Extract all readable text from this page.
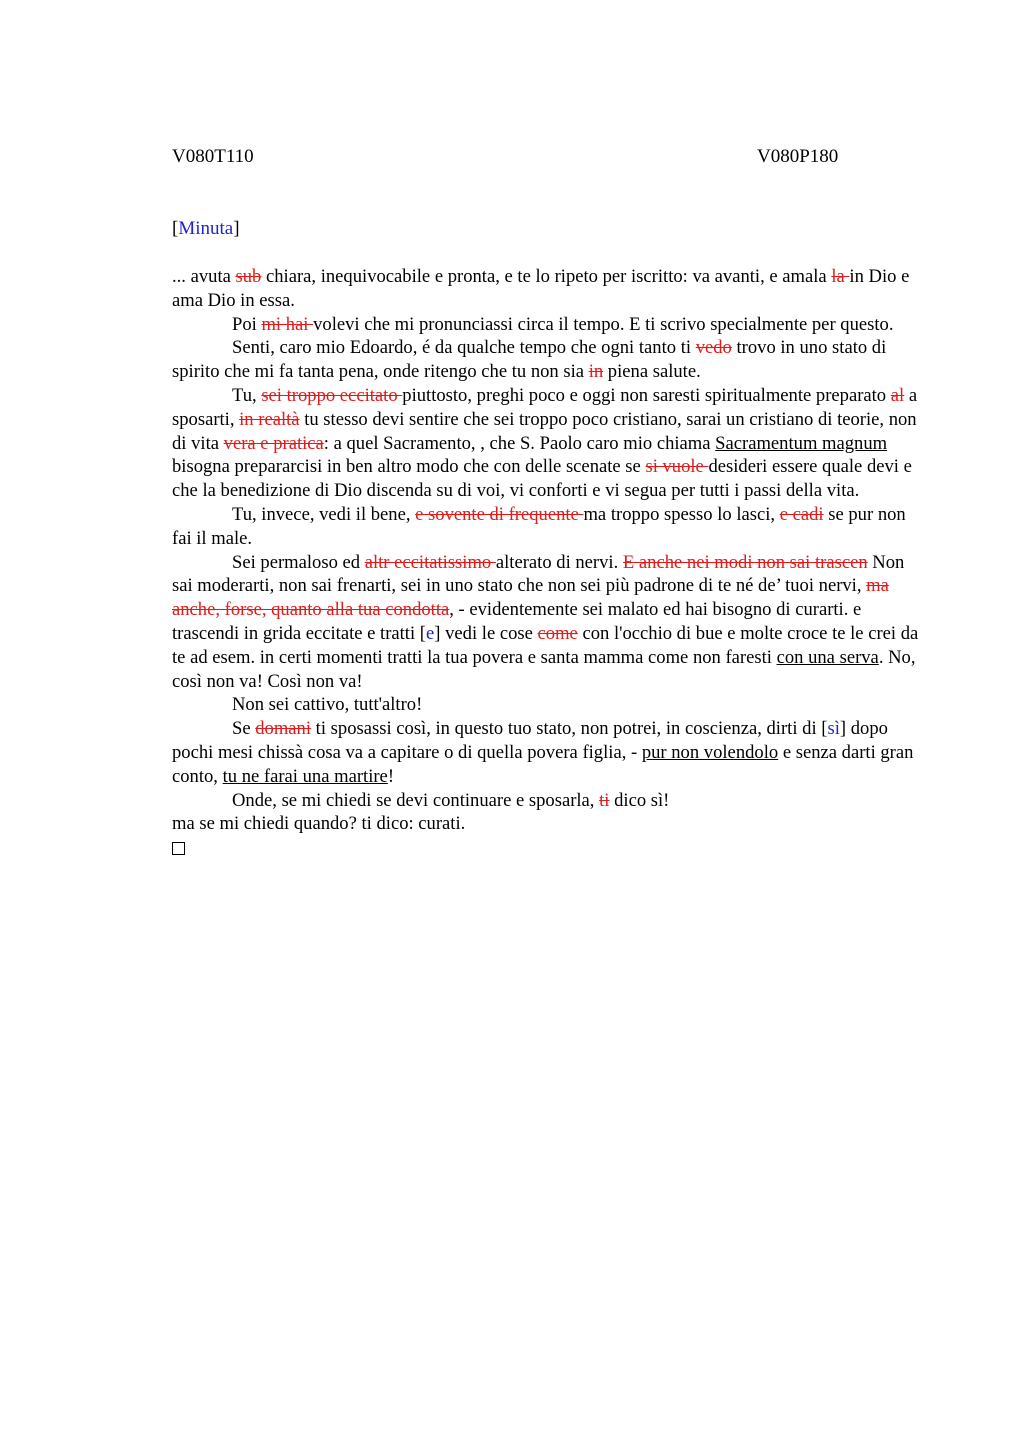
V080T110	V080P180
[Minuta]

... avuta sub chiara, inequivocabile e pronta, e te lo ripeto per iscritto: va avanti, e amala la in Dio e ama Dio in essa.

Poi mi hai volevi che mi pronunciassi circa il tempo. E ti scrivo specialmente per questo.

Senti, caro mio Edoardo, é da qualche tempo che ogni tanto ti vedo trovo in uno stato di spirito che mi fa tanta pena, onde ritengo che tu non sia in piena salute.

Tu, sei troppo eccitato piuttosto, preghi poco e oggi non saresti spiritualmente preparato al a sposarti, in realtà tu stesso devi sentire che sei troppo poco cristiano, sarai un cristiano di teorie, non di vita vera e pratica: a quel Sacramento, , che S. Paolo caro mio chiama Sacramentum magnum bisogna prepararcisi in ben altro modo che con delle scenate se si vuole desideri essere quale devi e che la benedizione di Dio discenda su di voi, vi conforti e vi segua per tutti i passi della vita.

Tu, invece, vedi il bene, e sovente di frequente ma troppo spesso lo lasci, e cadi se pur non fai il male.

Sei permaloso ed altr eccitatissimo alterato di nervi. E anche nei modi non sai trascen Non sai moderarti, non sai frenarti, sei in uno stato che non sei più padrone di te né de’ tuoi nervi, ma anche, forse, quanto alla tua condotta, - evidentemente sei malato ed hai bisogno di curarti. e trascendi in grida eccitate e tratti [e] vedi le cose come con l'occhio di bue e molte croce te le crei da te ad esem. in certi momenti tratti la tua povera e santa mamma come non faresti con una serva. No, così non va! Così non va!

Non sei cattivo, tutt'altro!

Se domani ti sposassi così, in questo tuo stato, non potrei, in coscienza, dirti di [sì] dopo pochi mesi chissà cosa va a capitare o di quella povera figlia, - pur non volendolo e senza darti gran conto, tu ne farai una martire!

Onde, se mi chiedi se devi continuare e sposarla, ti dico sì!

ma se mi chiedi quando? ti dico: curati.
